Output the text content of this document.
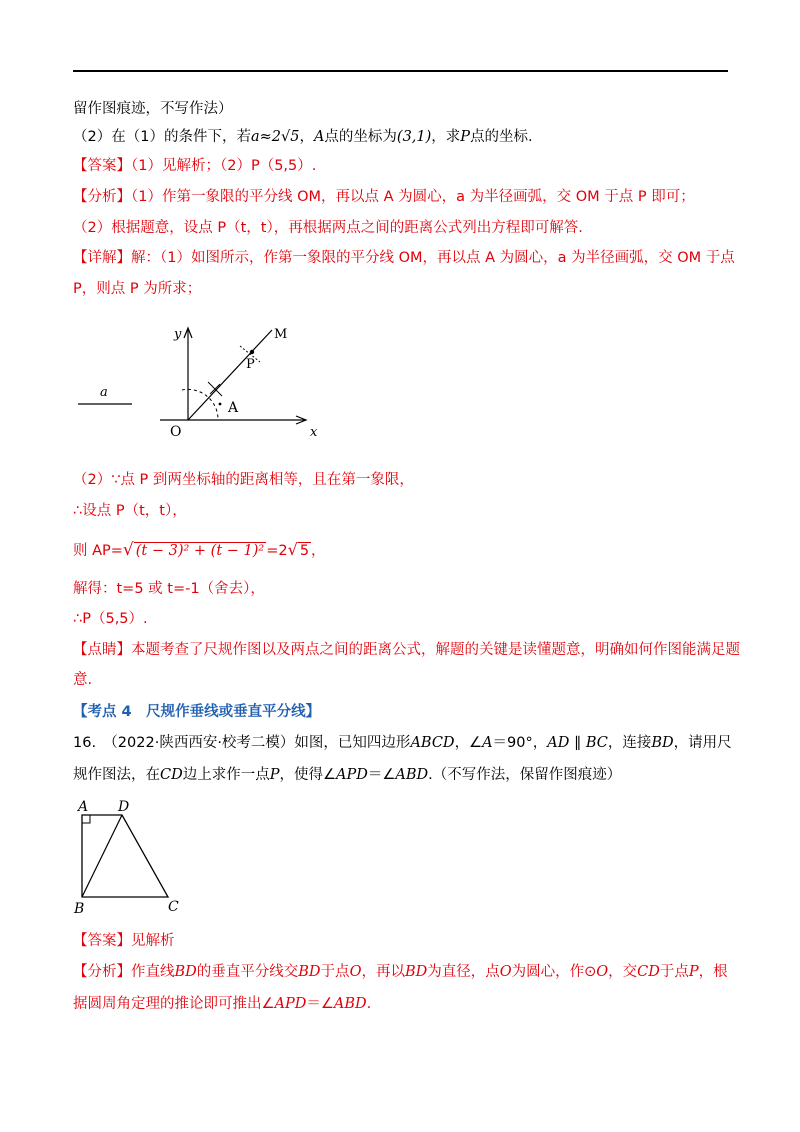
留作图痕迹，不写作法）
（2）在（1）的条件下，若a≈2√5，A点的坐标为(3,1)，求P点的坐标.
【答案】（1）见解析；（2）P（5,5）.
【分析】（1）作第一象限的平分线 OM，再以点 A 为圆心，a 为半径画弧，交 OM 于点 P 即可；
（2）根据题意，设点 P（t，t），再根据两点之间的距离公式列出方程即可解答.
【详解】解：（1）如图所示，作第一象限的平分线 OM，再以点 A 为圆心，a 为半径画弧，交 OM 于点
P，则点 P 为所求；
a
y
x
O
A
P
M
（2）∵点 P 到两坐标轴的距离相等，且在第一象限，
∴设点 P（t，t），
则 AP=√ (t − 3)² + (t − 1)² =2√ 5 ，
解得：t=5 或 t=-1（舍去），
∴P（5,5）.
【点睛】本题考查了尺规作图以及两点之间的距离公式，解题的关键是读懂题意，明确如何作图能满足题
意.
【考点 4　尺规作垂线或垂直平分线】
16.　（2022·陕西西安·校考二模）如图，已知四边形ABCD，∠A＝90°，AD ∥ BC，连接BD，请用尺
规作图法，在CD边上求作一点P，使得∠APD＝∠ABD.（不写作法，保留作图痕迹）
A D
B	C
【答案】见解析
【分析】作直线BD的垂直平分线交BD于点O，再以BD为直径，点O为圆心，作⊙O，交CD于点P，根
据圆周角定理的推论即可推出∠APD＝∠ABD.
